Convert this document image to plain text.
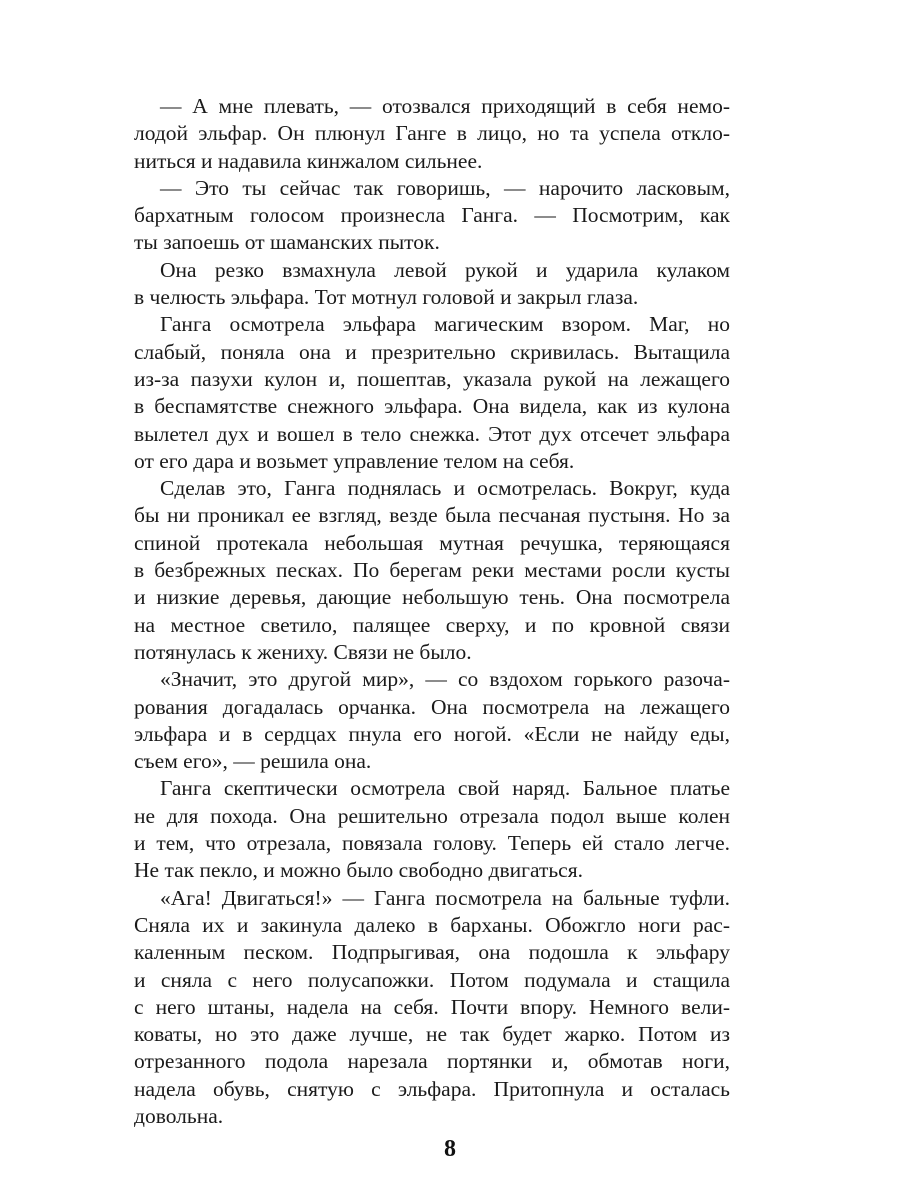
— А мне плевать, — отозвался приходящий в себя немо-
лодой эльфар. Он плюнул Ганге в лицо, но та успела откло-
ниться и надавила кинжалом сильнее.
— Это ты сейчас так говоришь, — нарочито ласковым,
бархатным голосом произнесла Ганга. — Посмотрим, как
ты запоешь от шаманских пыток.
Она резко взмахнула левой рукой и ударила кулаком
в челюсть эльфара. Тот мотнул головой и закрыл глаза.
Ганга осмотрела эльфара магическим взором. Маг, но
слабый, поняла она и презрительно скривилась. Вытащила
из-за пазухи кулон и, пошептав, указала рукой на лежащего
в беспамятстве снежного эльфара. Она видела, как из кулона
вылетел дух и вошел в тело снежка. Этот дух отсечет эльфара
от его дара и возьмет управление телом на себя.
Сделав это, Ганга поднялась и осмотрелась. Вокруг, куда
бы ни проникал ее взгляд, везде была песчаная пустыня. Но за
спиной протекала небольшая мутная речушка, теряющаяся
в безбрежных песках. По берегам реки местами росли кусты
и низкие деревья, дающие небольшую тень. Она посмотрела
на местное светило, палящее сверху, и по кровной связи
потянулась к жениху. Связи не было.
«Значит, это другой мир», — со вздохом горького разоча-
рования догадалась орчанка. Она посмотрела на лежащего
эльфара и в сердцах пнула его ногой. «Если не найду еды,
съем его», — решила она.
Ганга скептически осмотрела свой наряд. Бальное платье
не для похода. Она решительно отрезала подол выше колен
и тем, что отрезала, повязала голову. Теперь ей стало легче.
Не так пекло, и можно было свободно двигаться.
«Ага! Двигаться!» — Ганга посмотрела на бальные туфли.
Сняла их и закинула далеко в барханы. Обожгло ноги рас-
каленным песком. Подпрыгивая, она подошла к эльфару
и сняла с него полусапожки. Потом подумала и стащила
с него штаны, надела на себя. Почти впору. Немного вели-
коваты, но это даже лучше, не так будет жарко. Потом из
отрезанного подола нарезала портянки и, обмотав ноги,
надела обувь, снятую с эльфара. Притопнула и осталась
довольна.
8
